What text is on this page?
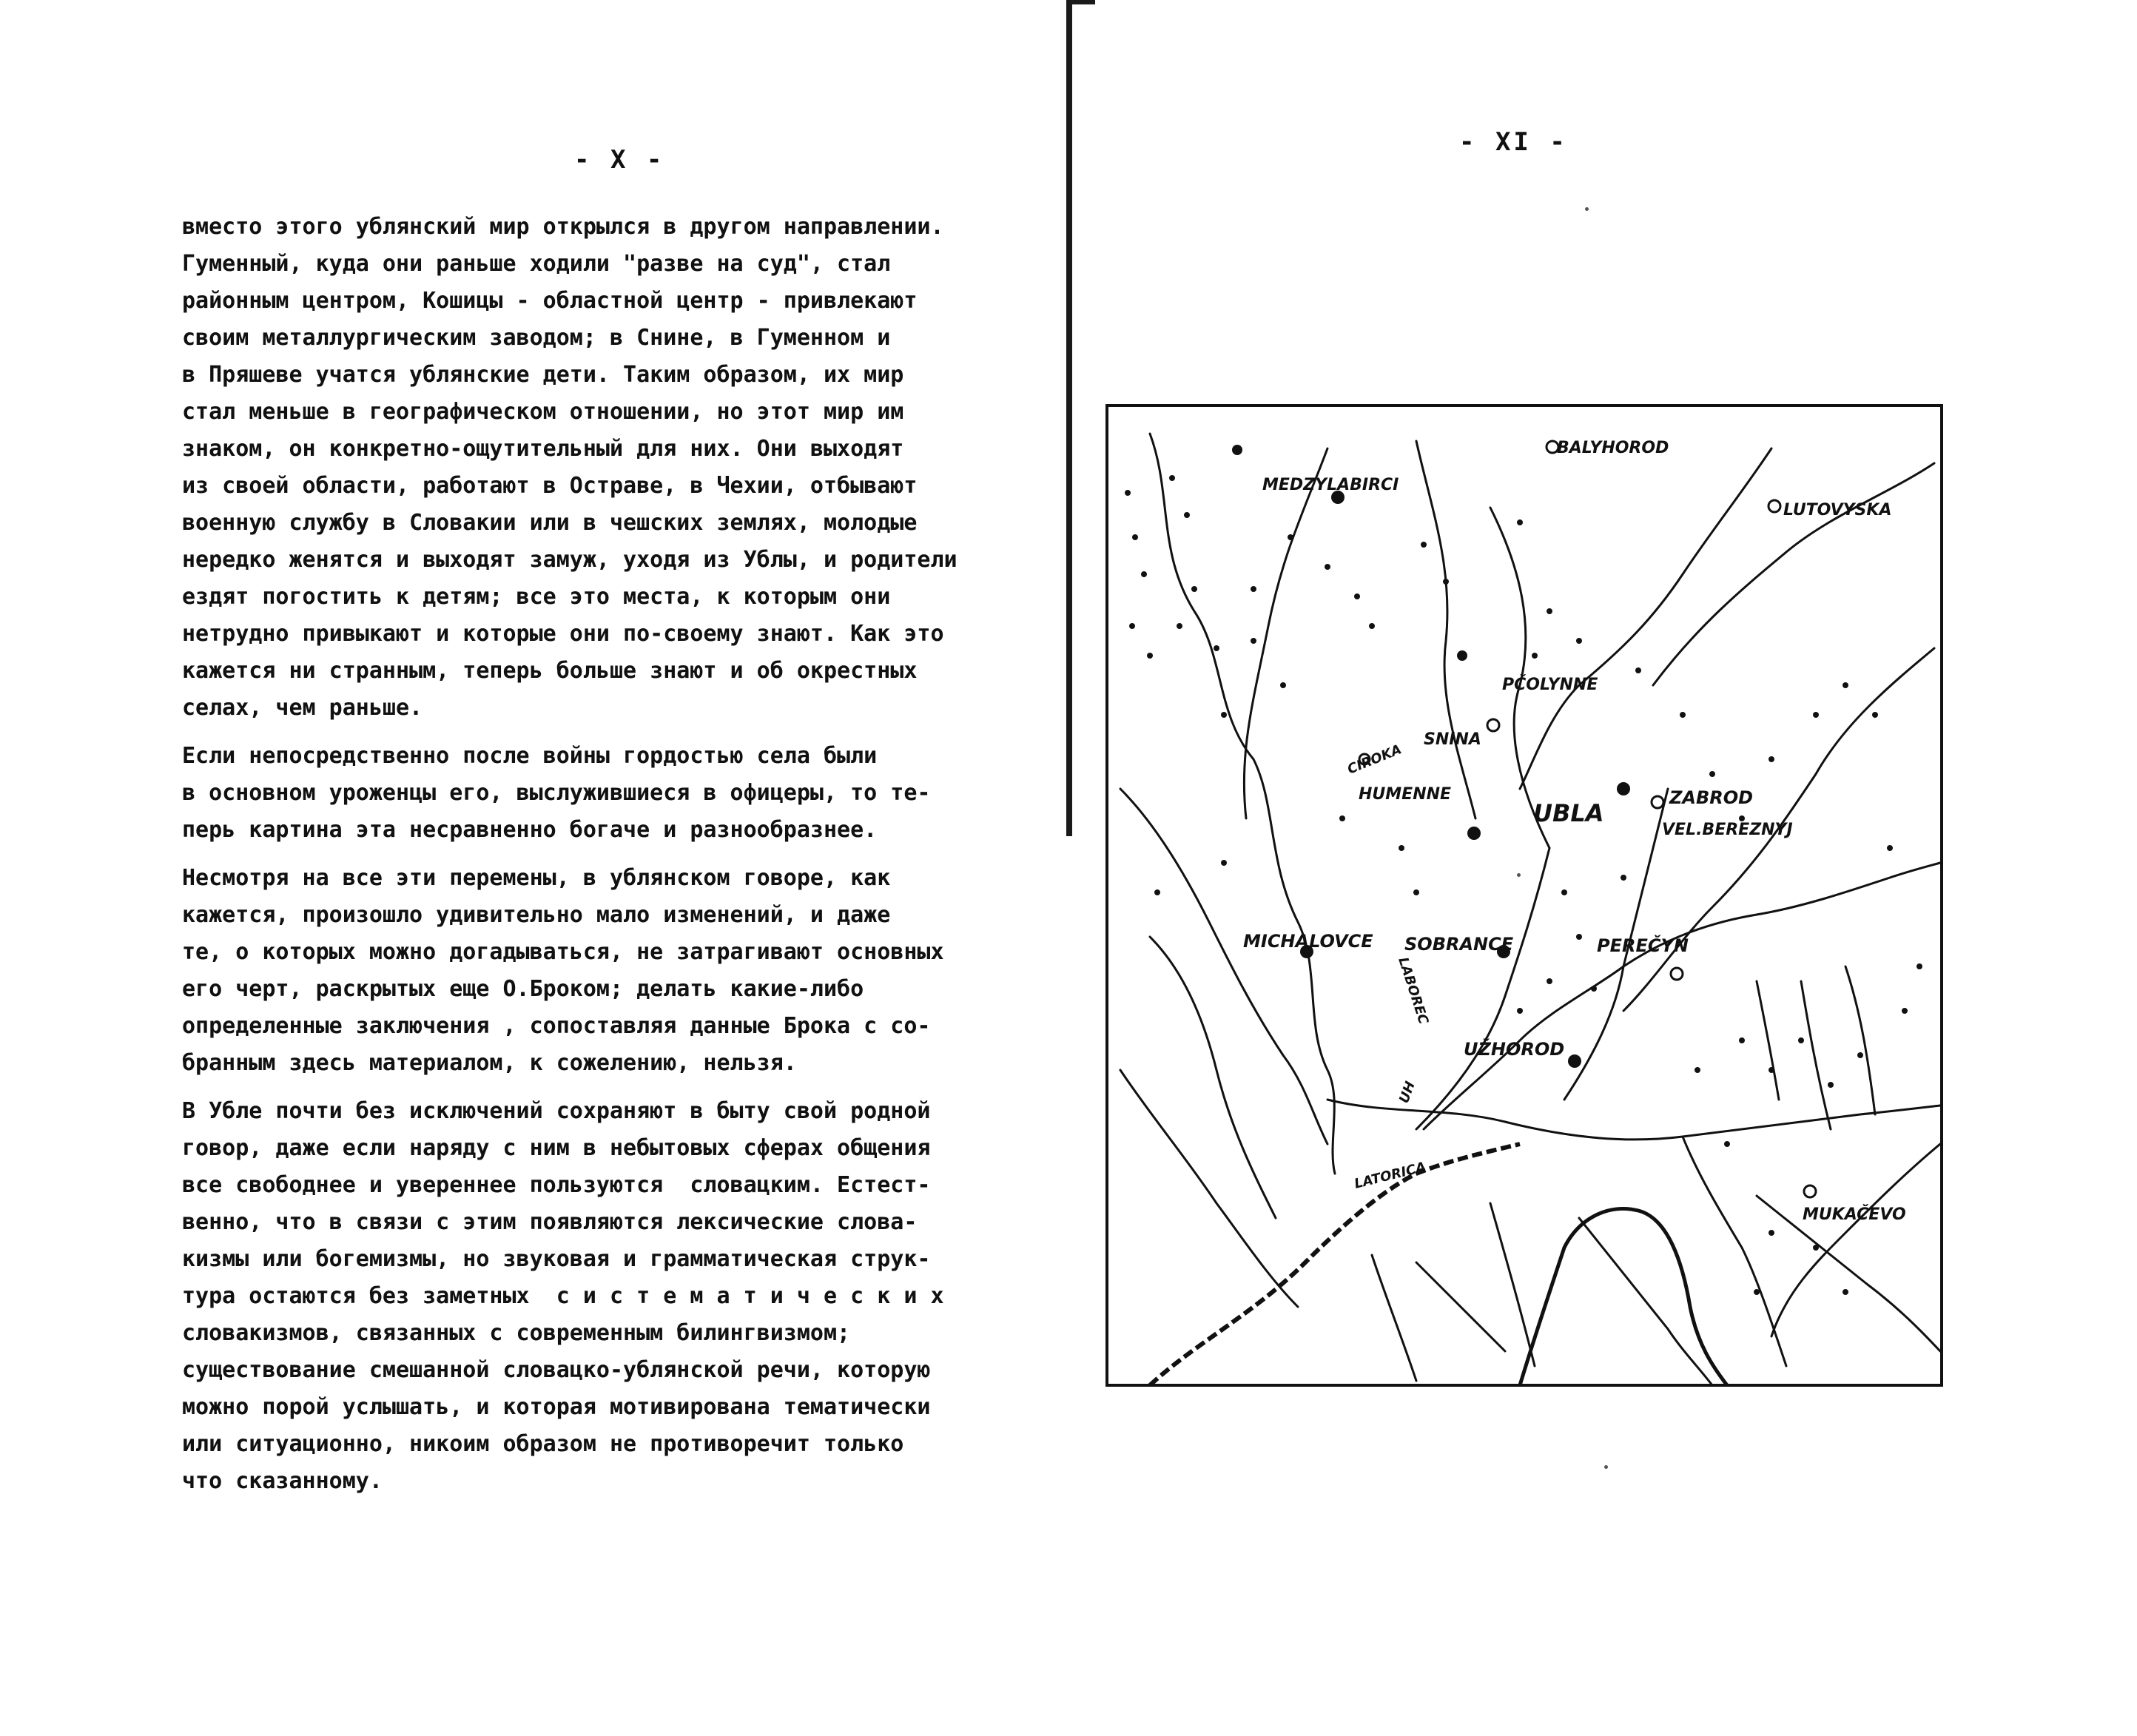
- X -
вместо этого ублянский мир открылся в другом направлении.
Гуменный, куда они раньше ходили "разве на суд", стал
районным центром, Кошицы - областной центр - привлекают
своим металлургическим заводом; в Снине, в Гуменном и
в Пряшеве учатся ублянские дети. Таким образом, их мир
стал меньше в географическом отношении, но этот мир им
знаком, он конкретно-ощутительный для них. Они выходят
из своей области, работают в Остраве, в Чехии, отбывают
военную службу в Словакии или в чешских землях, молодые
нередко женятся и выходят замуж, уходя из Ублы, и родители
ездят погостить к детям; все это места, к которым они
нетрудно привыкают и которые они по-своему знают. Как это
кажется ни странным, теперь больше знают и об окрестных
селах, чем раньше.
Если непосредственно после войны гордостью села были
в основном уроженцы его, выслужившиеся в офицеры, то те-
перь картина эта несравненно богаче и разнообразнее.
Несмотря на все эти перемены, в ублянском говоре, как
кажется, произошло удивительно мало изменений, и даже
те, о которых можно догадываться, не затрагивают основных
его черт, раскрытых еще О.Броком; делать какие-либо
определенные заключения , сопоставляя данные Брока с со-
бранным здесь материалом, к сожелению, нельзя.
В Убле почти без исключений сохраняют в быту свой родной
говор, даже если наряду с ним в небытовых сферах общения
все свободнее и увереннее пользуются  словацким. Естест-
венно, что в связи с этим появляются лексические слова-
кизмы или богемизмы, но звуковая и грамматическая струк-
тура остаются без заметных  с и с т е м а т и ч е с к и х
словакизмов, связанных с современным билингвизмом;
существование смешанной словацко-ублянской речи, которую
можно порой услышать, и которая мотивирована тематически
или ситуационно, никоим образом не противоречит только
что сказанному.
- XI -
BALYHOROD
LUTOVYSKA
MEDZYLABIRCI
PČOLYNNE
SNINA
CIROKA
HUMENNE
UBLA
ZABROD
VEL.BEREZNYJ
MICHALOVCE
LABOREC
SOBRANCE	PEREČYN
UŽHOROD
UH
LATORICA
MUKAČEVO
